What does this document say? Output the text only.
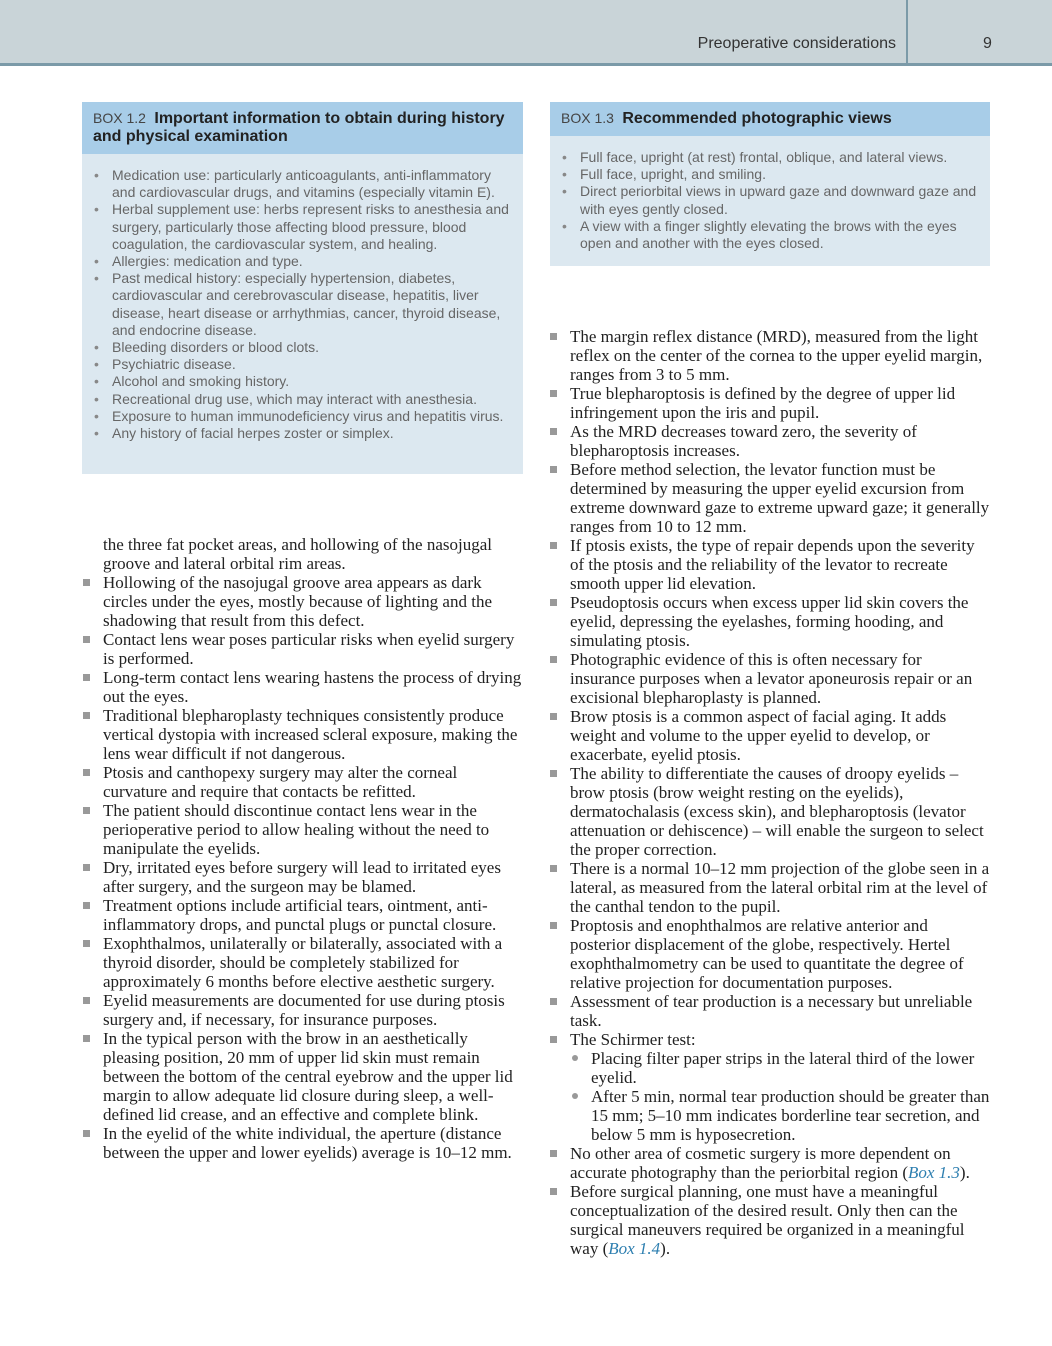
Preoperative considerations	9
BOX 1.2 Important information to obtain during history and physical examination
• Medication use: particularly anticoagulants, anti-inflammatory and cardiovascular drugs, and vitamins (especially vitamin E).
• Herbal supplement use: herbs represent risks to anesthesia and surgery, particularly those affecting blood pressure, blood coagulation, the cardiovascular system, and healing.
• Allergies: medication and type.
• Past medical history: especially hypertension, diabetes, cardiovascular and cerebrovascular disease, hepatitis, liver disease, heart disease or arrhythmias, cancer, thyroid disease, and endocrine disease.
• Bleeding disorders or blood clots.
• Psychiatric disease.
• Alcohol and smoking history.
• Recreational drug use, which may interact with anesthesia.
• Exposure to human immunodeficiency virus and hepatitis virus.
• Any history of facial herpes zoster or simplex.
BOX 1.3 Recommended photographic views
• Full face, upright (at rest) frontal, oblique, and lateral views.
• Full face, upright, and smiling.
• Direct periorbital views in upward gaze and downward gaze and with eyes gently closed.
• A view with a finger slightly elevating the brows with the eyes open and another with the eyes closed.
the three fat pocket areas, and hollowing of the nasojugal groove and lateral orbital rim areas.
Hollowing of the nasojugal groove area appears as dark circles under the eyes, mostly because of lighting and the shadowing that result from this defect.
Contact lens wear poses particular risks when eyelid surgery is performed.
Long-term contact lens wearing hastens the process of drying out the eyes.
Traditional blepharoplasty techniques consistently produce vertical dystopia with increased scleral exposure, making the lens wear difficult if not dangerous.
Ptosis and canthopexy surgery may alter the corneal curvature and require that contacts be refitted.
The patient should discontinue contact lens wear in the perioperative period to allow healing without the need to manipulate the eyelids.
Dry, irritated eyes before surgery will lead to irritated eyes after surgery, and the surgeon may be blamed.
Treatment options include artificial tears, ointment, anti-inflammatory drops, and punctal plugs or punctal closure.
Exophthalmos, unilaterally or bilaterally, associated with a thyroid disorder, should be completely stabilized for approximately 6 months before elective aesthetic surgery.
Eyelid measurements are documented for use during ptosis surgery and, if necessary, for insurance purposes.
In the typical person with the brow in an aesthetically pleasing position, 20 mm of upper lid skin must remain between the bottom of the central eyebrow and the upper lid margin to allow adequate lid closure during sleep, a well-defined lid crease, and an effective and complete blink.
In the eyelid of the white individual, the aperture (distance between the upper and lower eyelids) average is 10–12 mm.
The margin reflex distance (MRD), measured from the light reflex on the center of the cornea to the upper eyelid margin, ranges from 3 to 5 mm.
True blepharoptosis is defined by the degree of upper lid infringement upon the iris and pupil.
As the MRD decreases toward zero, the severity of blepharoptosis increases.
Before method selection, the levator function must be determined by measuring the upper eyelid excursion from extreme downward gaze to extreme upward gaze; it generally ranges from 10 to 12 mm.
If ptosis exists, the type of repair depends upon the severity of the ptosis and the reliability of the levator to recreate smooth upper lid elevation.
Pseudoptosis occurs when excess upper lid skin covers the eyelid, depressing the eyelashes, forming hooding, and simulating ptosis.
Photographic evidence of this is often necessary for insurance purposes when a levator aponeurosis repair or an excisional blepharoplasty is planned.
Brow ptosis is a common aspect of facial aging. It adds weight and volume to the upper eyelid to develop, or exacerbate, eyelid ptosis.
The ability to differentiate the causes of droopy eyelids – brow ptosis (brow weight resting on the eyelids), dermatochalasis (excess skin), and blepharoptosis (levator attenuation or dehiscence) – will enable the surgeon to select the proper correction.
There is a normal 10–12 mm projection of the globe seen in a lateral, as measured from the lateral orbital rim at the level of the canthal tendon to the pupil.
Proptosis and enophthalmos are relative anterior and posterior displacement of the globe, respectively. Hertel exophthalmometry can be used to quantitate the degree of relative projection for documentation purposes.
Assessment of tear production is a necessary but unreliable task.
The Schirmer test:
Placing filter paper strips in the lateral third of the lower eyelid.
After 5 min, normal tear production should be greater than 15 mm; 5–10 mm indicates borderline tear secretion, and below 5 mm is hyposecretion.
No other area of cosmetic surgery is more dependent on accurate photography than the periorbital region (Box 1.3).
Before surgical planning, one must have a meaningful conceptualization of the desired result. Only then can the surgical maneuvers required be organized in a meaningful way (Box 1.4).
